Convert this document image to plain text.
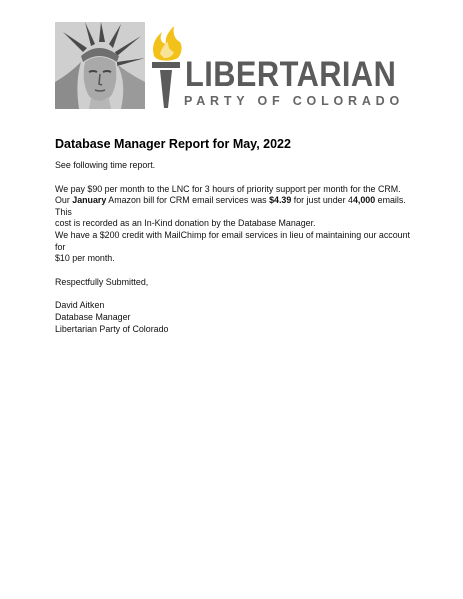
LIBERTARIAN
PARTY OF COLORADO
Database Manager Report for May, 2022

See following time report.

We pay $90 per month to the LNC for 3 hours of priority support per month for the CRM.

Our January Amazon bill for CRM email services was $4.39 for just under 44,000 emails. This

cost is recorded as an In-Kind donation by the Database Manager.

We have a $200 credit with MailChimp for email services in lieu of maintaining our account for

$10 per month.

Respectfully Submitted,

David Aitken

Database Manager

Libertarian Party of Colorado
